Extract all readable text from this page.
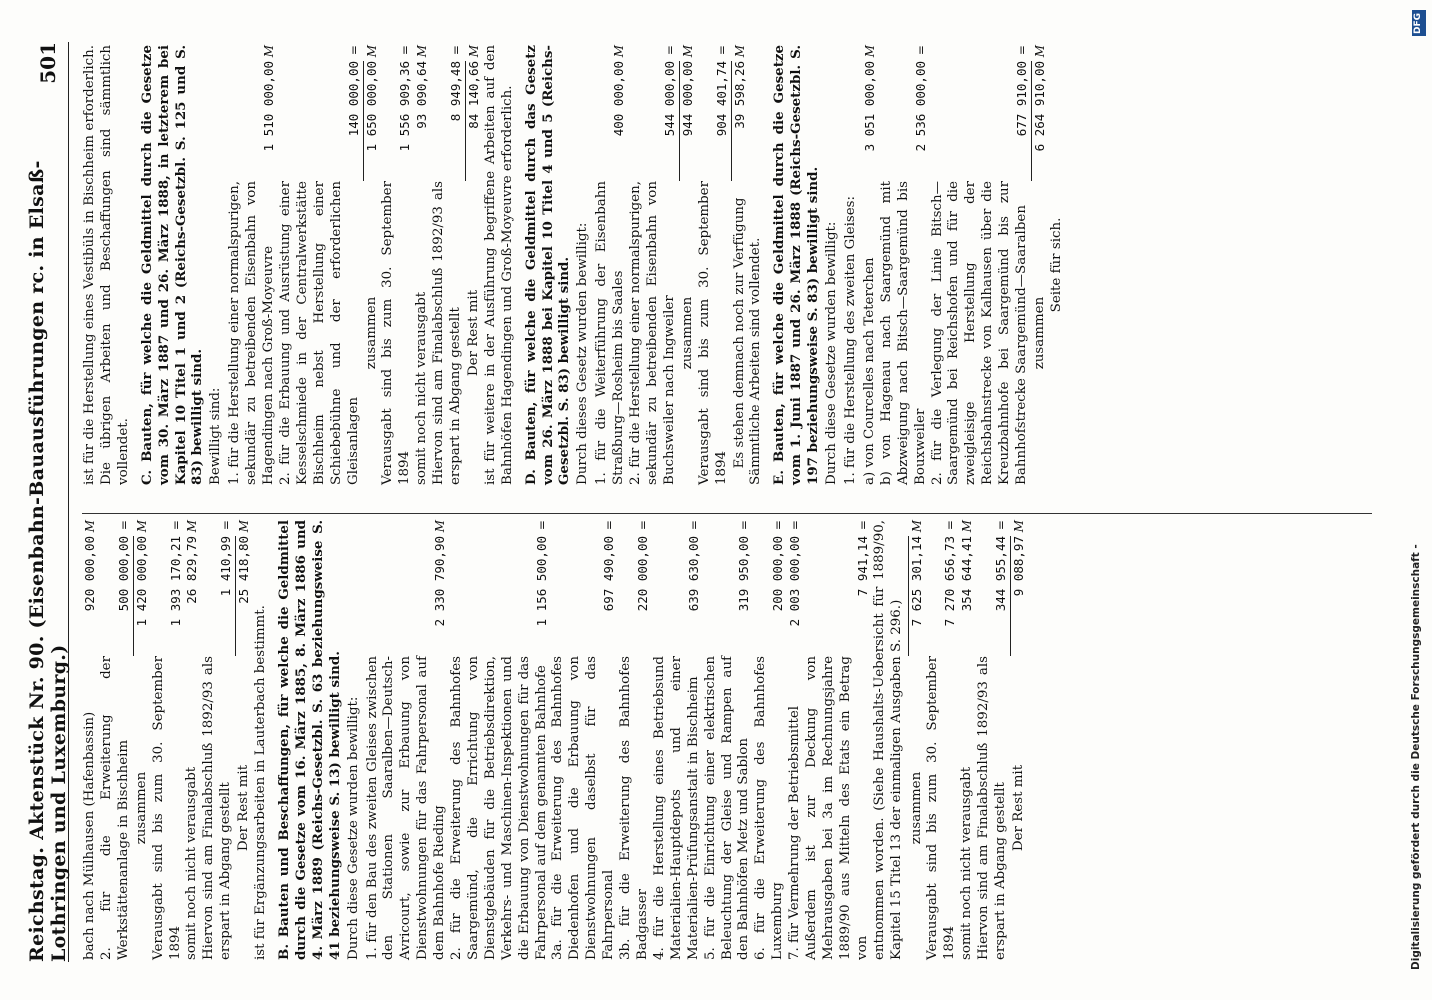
Reichstag. Aktenstück Nr. 90. (Eisenbahn-Bauausführungen rc. in Elsaß-Lothringen und Luxemburg.)
501
bach nach Mülhausen (Hafenbassin)
920 000,00
M
2. für die Erweiterung der Werkstättenanlage in Bischheim
500 000,00
=
zusammen
1 420 000,00
M
Verausgabt sind bis zum 30. September 1894
1 393 170,21
=
somit noch nicht verausgabt
26 829,79
M
Hiervon sind am Finalabschluß 1892/93 als erspart in Abgang gestellt
1 410,99
=
Der Rest mit
25 418,80
M

ist für Ergänzungsarbeiten in Lauterbach bestimmt. B. Bauten und Beschaffungen, für welche die Geldmittel durch die Gesetze vom 16. März 1885, 8. März 1886 und 4. März 1889 (Reichs-Gesetzbl. S. 63 beziehungsweise S. 41 beziehungsweise S. 13) bewilligt sind. Durch diese Gesetze wurden bewilligt: 1. für den Bau des zweiten Gleises zwischen den Stationen Saaralben—Deutsch-Avricourt, sowie zur Erbauung von Dienstwohnungen für das Fahrpersonal auf dem Bahnhofe Rieding
2 330 790,90
M
2. für die Erweiterung des Bahnhofes Saargemünd, die Errichtung von Dienstgebäuden für die Betriebsdirektion, Verkehrs- und Maschinen-Inspektionen und die Erbauung von Dienstwohnungen für das Fahrpersonal auf dem genannten Bahnhofe
1 156 500,00
=
3a. für die Erweiterung des Bahnhofes Diedenhofen und die Erbauung von Dienstwohnungen daselbst für das Fahrpersonal
697 490,00
=
3b. für die Erweiterung des Bahnhofes Badgasser
220 000,00
=
4. für die Herstellung eines Betriebsund Materialien-Hauptdepots und einer Materialien-Prüfungsanstalt in Bischheim
639 630,00
=
5. für die Einrichtung einer elektrischen Beleuchtung der Gleise und Rampen auf den Bahnhöfen Metz und Sablon
319 950,00
=
6. für die Erweiterung des Bahnhofes Luxemburg
200 000,00
=
7. für Vermehrung der Betriebsmittel
2 003 000,00
=
Außerdem ist zur Deckung von Mehrausgaben bei 3a im Rechnungsjahre 1889/90 aus Mitteln des Etats ein Betrag von
7 941,14
= entnommen worden. (Siehe Haushalts-Uebersicht für 1889/90, Kapitel 15 Titel 13 der einmaligen Ausgaben S. 296.) zusammen
7 625 301,14
M
Verausgabt sind bis zum 30. September 1894
7 270 656,73
=
somit noch nicht verausgabt
354 644,41
M
Hiervon sind am Finalabschluß 1892/93 als erspart in Abgang gestellt
344 955,44
=
Der Rest mit
9 088,97
M

ist für die Herstellung eines Vestibüls in Bischheim erforderlich. Die übrigen Arbeiten und Beschaffungen sind sämmtlich vollendet. C. Bauten, für welche die Geldmittel durch die Gesetze vom 30. März 1887 und 26. März 1888, in letzterem bei Kapitel 10 Titel 1 und 2 (Reichs-Gesetzbl. S. 125 und S. 83) bewilligt sind. Bewilligt sind: 1. für die Herstellung einer normalspurigen, sekundär zu betreibenden Eisenbahn von Hagendingen nach Groß-Moyeuvre
1 510 000,00
M
2. für die Erbauung und Ausrüstung einer Kesselschmiede in der Centralwerkstätte Bischheim nebst Herstellung einer Schiebebühne und der erforderlichen Gleisanlagen
140 000,00
=
zusammen
1 650 000,00
M
Verausgabt sind bis zum 30. September 1894
1 556 909,36
=
somit noch nicht verausgabt
93 090,64
M
Hiervon sind am Finalabschluß 1892/93 als erspart in Abgang gestellt
8 949,48
=
Der Rest mit
84 140,66
M ist für weitere in der Ausführung begriffene Arbeiten auf den Bahnhöfen Hagendingen und Groß-Moyeuvre erforderlich. D. Bauten, für welche die Geldmittel durch das Gesetz vom 26. März 1888 bei Kapitel 10 Titel 4 und 5 (Reichs-Gesetzbl. S. 83) bewilligt sind. Durch dieses Gesetz wurden bewilligt: 1. für die Weiterführung der Eisenbahn Straßburg—Rosheim bis Saales
400 000,00
M
2. für die Herstellung einer normalspurigen, sekundär zu betreibenden Eisenbahn von Buchsweiler nach Ingweiler
544 000,00
=
zusammen
944 000,00
M
Verausgabt sind bis zum 30. September 1894
904 401,74
=
Es stehen demnach noch zur Verfügung
39 598,26
M

Sämmtliche Arbeiten sind vollendet. E. Bauten, für welche die Geldmittel durch die Gesetze vom 1. Juni 1887 und 26. März 1888 (Reichs-Gesetzbl. S. 197 beziehungsweise S. 83) bewilligt sind. Durch diese Gesetze wurden bewilligt: 1. für die Herstellung des zweiten Gleises: a) von Courcelles nach Teterchen
3 051 000,00
M
b) von Hagenau nach Saargemünd mit Abzweigung nach Bitsch—Saargemünd bis Bouxweiler
2 536 000,00
=
2. für die Verlegung der Linie Bitsch—Saargemünd bei Reichshofen und für die zweigleisige Herstellung der Reichsbahnstrecke von Kalhausen über die Kreuzbahnhofe bei Saargemünd bis zur Bahnhofstrecke Saargemünd—Saaralben
677 910,00
=
zusammen
6 264 910,00
M

Seite für sich.

DFG
Digitalisierung gefördert durch die Deutsche Forschungsgemeinschaft -
